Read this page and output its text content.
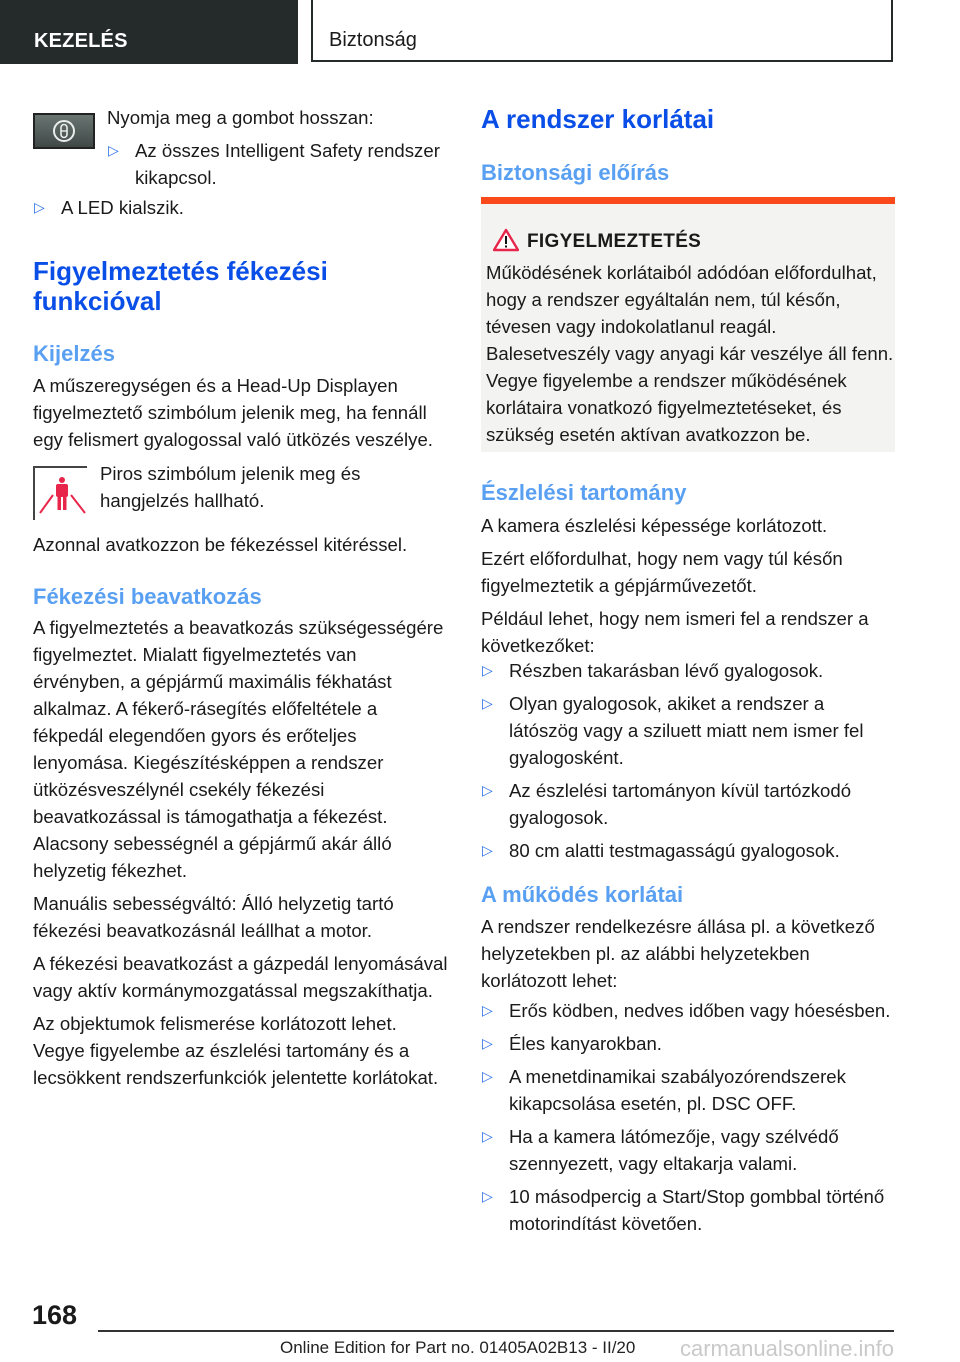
KEZELÉS	Biztonság

Nyomja meg a gombot hosszan:

▷ Az összes Intelligent Safety rendszer kikapcsol.
▷ A LED kialszik.
Figyelmeztetés fékezési
funkcióval
Kijelzés

A műszeregységen és a Head-Up Displayen figyelmeztető szimbólum jelenik meg, ha fennáll egy felismert gyalogossal való ütközés veszélye.

Piros szimbólum jelenik meg és hangjelzés hallható.

Azonnal avatkozzon be fékezéssel kitéréssel.

Fékezési beavatkozás

A figyelmeztetés a beavatkozás szükségességére figyelmeztet. Mialatt figyelmeztetés van érvényben, a gépjármű maximális fékhatást alkalmaz. A fékerő-rásegítés előfeltétele a fékpedál elegendően gyors és erőteljes lenyomása. Kiegészítésképpen a rendszer ütközésveszélynél csekély fékezési beavatkozással is támogathatja a fékezést. Alacsony sebességnél a gépjármű akár álló helyzetig fékezhet.

Manuális sebességváltó: Álló helyzetig tartó fékezési beavatkozásnál leállhat a motor.

A fékezési beavatkozást a gázpedál lenyomásával vagy aktív kormánymozgatással megszakíthatja.

Az objektumok felismerése korlátozott lehet. Vegye figyelembe az észlelési tartomány és a lecsökkent rendszerfunkciók jelentette korlátokat.

A rendszer korlátai
Biztonsági előírás
FIGYELMEZTETÉS

Működésének korlátaiból adódóan előfordulhat, hogy a rendszer egyáltalán nem, túl későn, tévesen vagy indokolatlanul reagál. Balesetveszély vagy anyagi kár veszélye áll fenn. Vegye figyelembe a rendszer működésének korlátaira vonatkozó figyelmeztetéseket, és szükség esetén aktívan avatkozzon be.

Észlelési tartomány

A kamera észlelési képessége korlátozott.

Ezért előfordulhat, hogy nem vagy túl későn figyelmeztetik a gépjárművezetőt.

Például lehet, hogy nem ismeri fel a rendszer a következőket:

▷ Részben takarásban lévő gyalogosok.
▷ Olyan gyalogosok, akiket a rendszer a látószög vagy a sziluett miatt nem ismer fel gyalogosként.
▷ Az észlelési tartományon kívül tartózkodó gyalogosok.
▷ 80 cm alatti testmagasságú gyalogosok.
A működés korlátai

A rendszer rendelkezésre állása pl. a következő helyzetekben pl. az alábbi helyzetekben korlátozott lehet:

▷ Erős ködben, nedves időben vagy hóesésben.
▷ Éles kanyarokban.
▷ A menetdinamikai szabályozórendszerek kikapcsolása esetén, pl. DSC OFF.
▷ Ha a kamera látómezője, vagy szélvédő szennyezett, vagy eltakarja valami.
▷ 10 másodpercig a Start/Stop gombbal történő motorindítást követően.
168
Online Edition for Part no. 01405A02B13 - II/20 carmanualsonline.info
